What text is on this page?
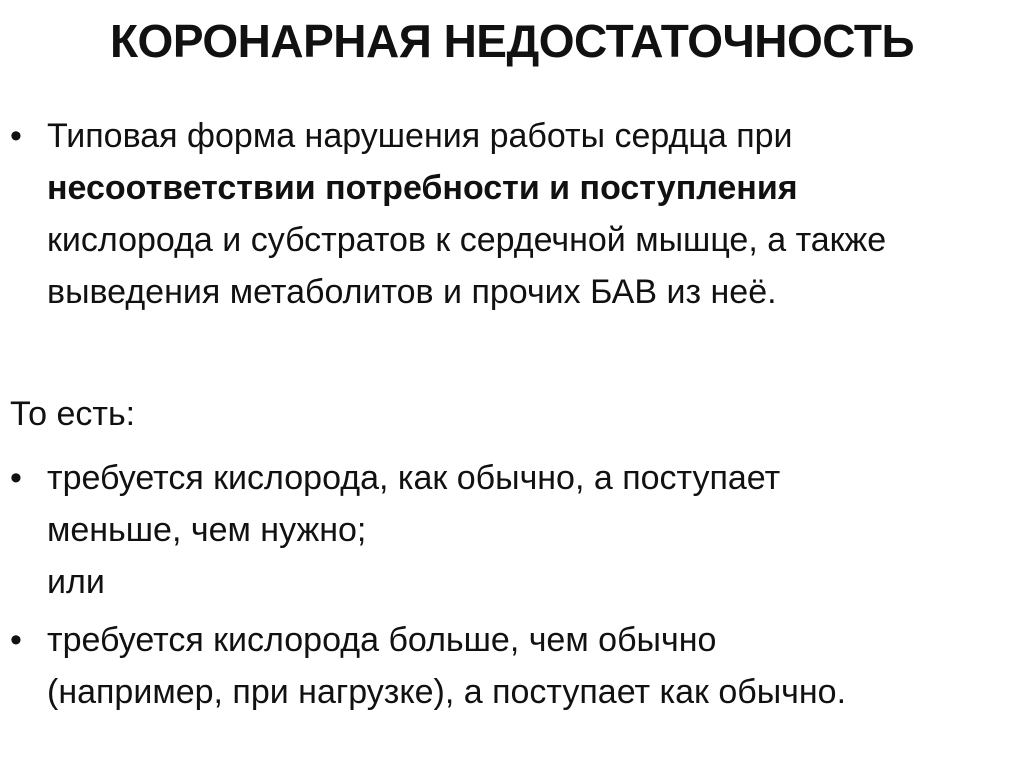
КОРОНАРНАЯ НЕДОСТАТОЧНОСТЬ
• Типовая форма нарушения работы сердца при
несоответствии потребности и поступления
кислорода и субстратов к сердечной мышце, а также
выведения метаболитов и прочих БАВ из неё.
То есть:
• требуется кислорода, как обычно, а поступает
меньше, чем нужно;
или
• требуется кислорода больше, чем обычно
(например, при нагрузке), а поступает как обычно.
